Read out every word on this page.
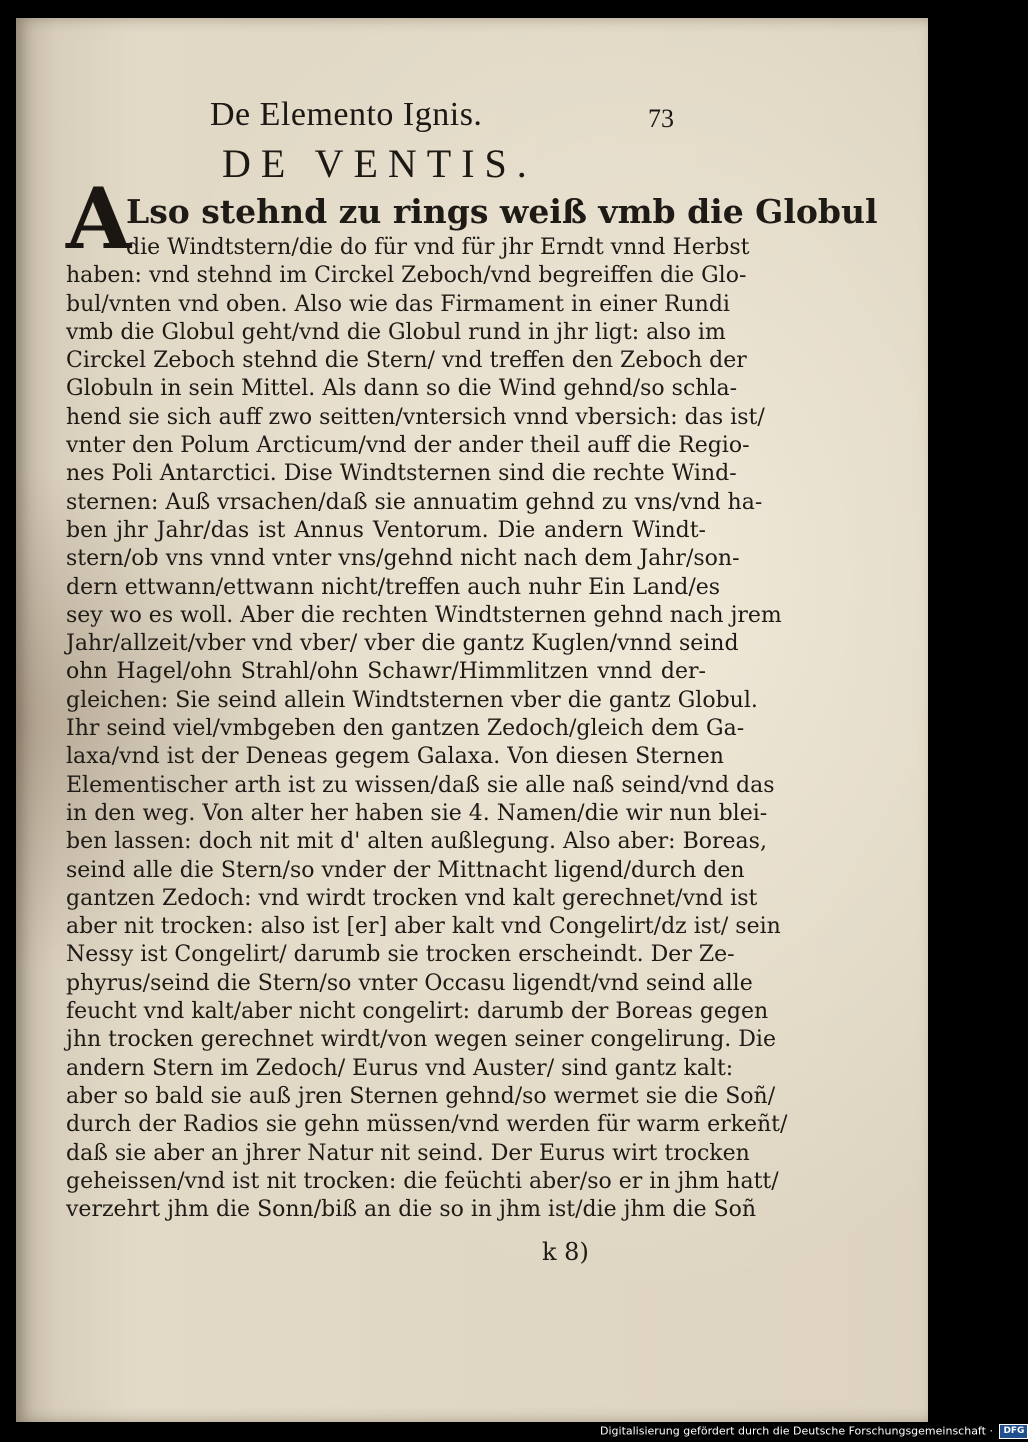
De Elemento Ignis.	73
DE VENTIS.
A
Lso stehnd zu rings weiß vmb die Globul
die Windtstern/die do für vnd für jhr Erndt vnnd Herbst
haben: vnd stehnd im Circkel Zeboch/vnd begreiffen die Glo-
bul/vnten vnd oben. Also wie das Firmament in einer Rundi
vmb die Globul geht/vnd die Globul rund in jhr ligt: also im
Circkel Zeboch stehnd die Stern/ vnd treffen den Zeboch der
Globuln in sein Mittel. Als dann so die Wind gehnd/so schla-
hend sie sich auff zwo seitten/vntersich vnnd vbersich: das ist/
vnter den Polum Arcticum/vnd der ander theil auff die Regio-
nes Poli Antarctici. Dise Windtsternen sind die rechte Wind-
sternen: Auß vrsachen/daß sie annuatim gehnd zu vns/vnd ha-
ben jhr Jahr/das ist Annus Ventorum. Die andern Windt-
stern/ob vns vnnd vnter vns/gehnd nicht nach dem Jahr/son-
dern ettwann/ettwann nicht/treffen auch nuhr Ein Land/es
sey wo es woll. Aber die rechten Windtsternen gehnd nach jrem
Jahr/allzeit/vber vnd vber/ vber die gantz Kuglen/vnnd seind
ohn Hagel/ohn Strahl/ohn Schawr/Himmlitzen vnnd der-
gleichen: Sie seind allein Windtsternen vber die gantz Globul.
Ihr seind viel/vmbgeben den gantzen Zedoch/gleich dem Ga-
laxa/vnd ist der Deneas gegem Galaxa. Von diesen Sternen
Elementischer arth ist zu wissen/daß sie alle naß seind/vnd das
in den weg. Von alter her haben sie 4. Namen/die wir nun blei-
ben lassen: doch nit mit d' alten außlegung. Also aber: Boreas,
seind alle die Stern/so vnder der Mittnacht ligend/durch den
gantzen Zedoch: vnd wirdt trocken vnd kalt gerechnet/vnd ist
aber nit trocken: also ist [er] aber kalt vnd Congelirt/dz ist/ sein
Nessy ist Congelirt/ darumb sie trocken erscheindt. Der Ze-
phyrus/seind die Stern/so vnter Occasu ligendt/vnd seind alle
feucht vnd kalt/aber nicht congelirt: darumb der Boreas gegen
jhn trocken gerechnet wirdt/von wegen seiner congelirung. Die
andern Stern im Zedoch/ Eurus vnd Auster/ sind gantz kalt:
aber so bald sie auß jren Sternen gehnd/so wermet sie die Soñ/
durch der Radios sie gehn müssen/vnd werden für warm erkeñt/
daß sie aber an jhrer Natur nit seind. Der Eurus wirt trocken
geheissen/vnd ist nit trocken: die feüchti aber/so er in jhm hatt/
verzehrt jhm die Sonn/biß an die so in jhm ist/die jhm die Soñ
k 8)
Digitalisierung gefördert durch die Deutsche Forschungsgemeinschaft · DFG
